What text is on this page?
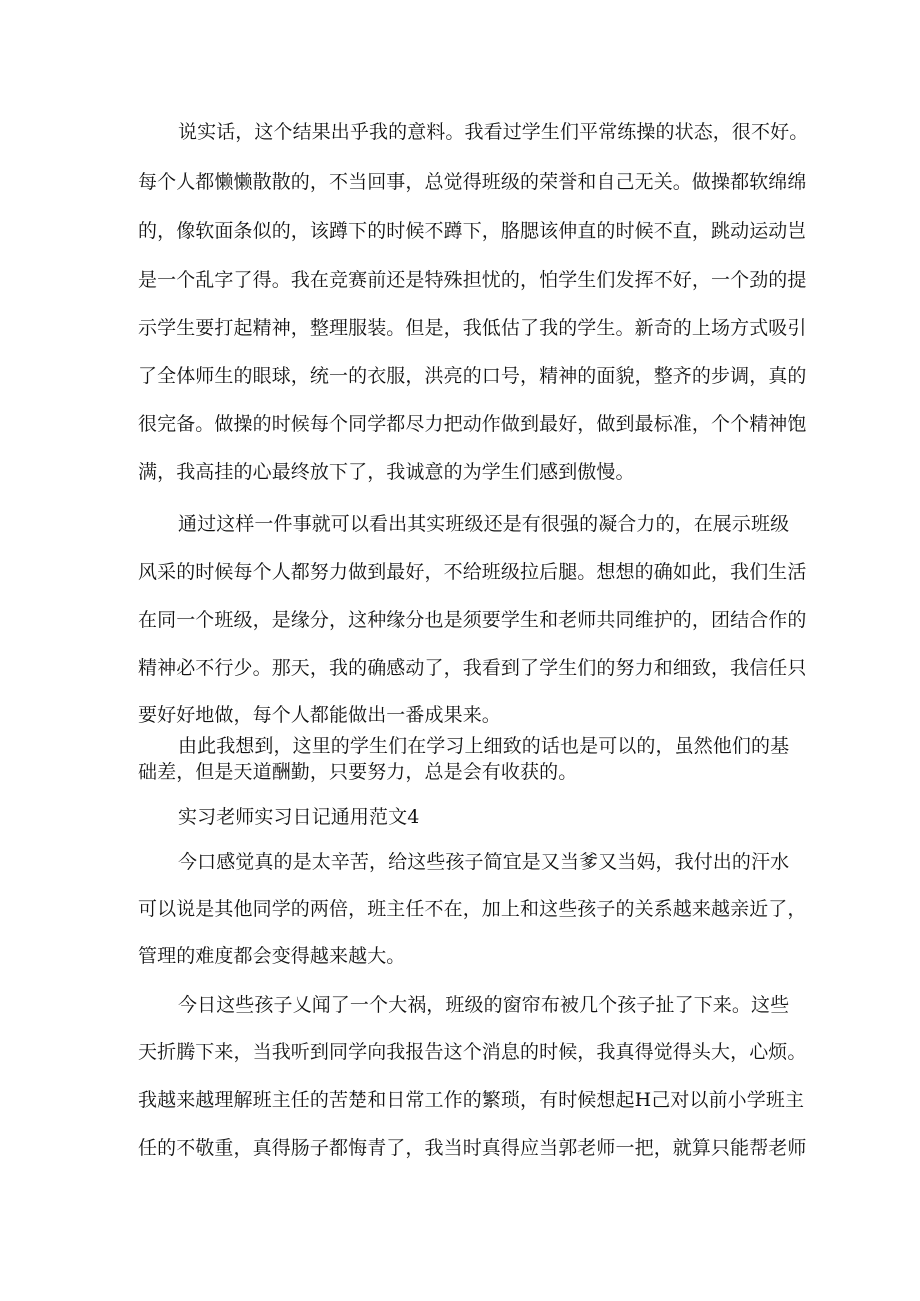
说实话，这个结果出乎我的意料。我看过学生们平常练操的状态，很不好。
每个人都懒懒散散的，不当回事，总觉得班级的荣誉和自己无关。做操都软绵绵
的，像软面条似的，该蹲下的时候不蹲下，胳腮该伸直的时候不直，跳动运动岂
是一个乱字了得。我在竞赛前还是特殊担忧的，怕学生们发挥不好，一个劲的提
示学生要打起精神，整理服装。但是，我低估了我的学生。新奇的上场方式吸引
了全体师生的眼球，统一的衣服，洪亮的口号，精神的面貌，整齐的步调，真的
很完备。做操的时候每个同学都尽力把动作做到最好，做到最标准，个个精神饱
满，我高挂的心最终放下了，我诚意的为学生们感到傲慢。
通过这样一件事就可以看出其实班级还是有很强的凝合力的，在展示班级
风采的时候每个人都努力做到最好，不给班级拉后腿。想想的确如此，我们生活
在同一个班级，是缘分，这种缘分也是须要学生和老师共同维护的，团结合作的
精神必不行少。那天，我的确感动了，我看到了学生们的努力和细致，我信任只
要好好地做，每个人都能做出一番成果来。
由此我想到，这里的学生们在学习上细致的话也是可以的，虽然他们的基
础差，但是天道酬勤，只要努力，总是会有收获的。
实习老师实习日记通用范文4
今口感觉真的是太辛苦，给这些孩子简宜是又当爹又当妈，我付出的汗水
可以说是其他同学的两倍，班主任不在，加上和这些孩子的关系越来越亲近了，
管理的难度都会变得越来越大。
今日这些孩子乂闻了一个大祸，班级的窗帘布被几个孩子扯了下来。这些
天折腾下来，当我听到同学向我报告这个消息的时候，我真得觉得头大，心烦。
我越来越理解班主任的苦楚和日常工作的繁琐，有时候想起H己对以前小学班主
任的不敬重，真得肠子都悔青了，我当时真得应当郭老师一把，就算只能帮老师
